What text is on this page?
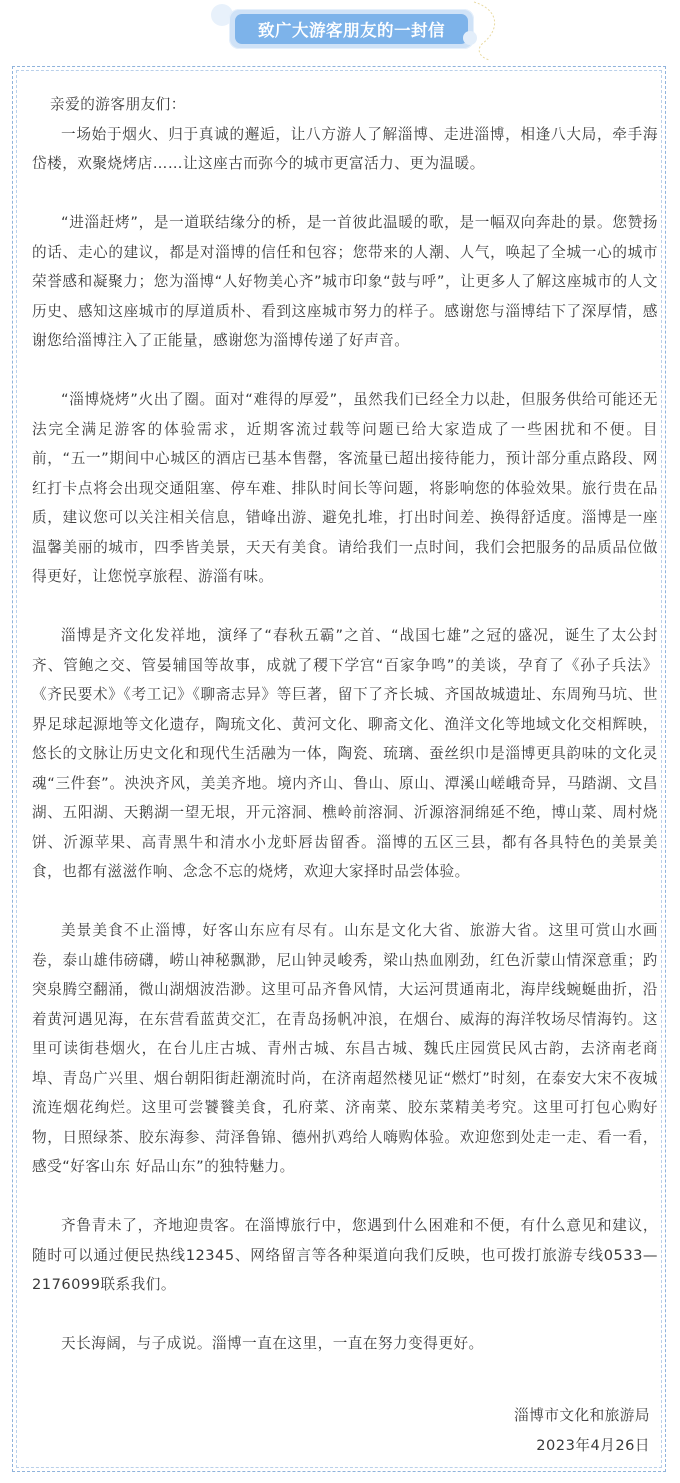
致广大游客朋友的一封信

亲爱的游客朋友们：

一场始于烟火、归于真诚的邂逅，让八方游人了解淄博、走进淄博，相逢八大局，牵手海岱楼，欢聚烧烤店……让这座古而弥今的城市更富活力、更为温暖。

“进淄赶烤”，是一道联结缘分的桥，是一首彼此温暖的歌，是一幅双向奔赴的景。您赞扬的话、走心的建议，都是对淄博的信任和包容；您带来的人潮、人气，唤起了全城一心的城市荣誉感和凝聚力；您为淄博“人好物美心齐”城市印象“鼓与呼”，让更多人了解这座城市的人文历史、感知这座城市的厚道质朴、看到这座城市努力的样子。感谢您与淄博结下了深厚情，感谢您给淄博注入了正能量，感谢您为淄博传递了好声音。

“淄博烧烤”火出了圈。面对“难得的厚爱”，虽然我们已经全力以赴，但服务供给可能还无法完全满足游客的体验需求，近期客流过载等问题已给大家造成了一些困扰和不便。目前，“五一”期间中心城区的酒店已基本售罄，客流量已超出接待能力，预计部分重点路段、网红打卡点将会出现交通阻塞、停车难、排队时间长等问题，将影响您的体验效果。旅行贵在品质，建议您可以关注相关信息，错峰出游、避免扎堆，打出时间差、换得舒适度。淄博是一座温馨美丽的城市，四季皆美景，天天有美食。请给我们一点时间，我们会把服务的品质品位做得更好，让您悦享旅程、游淄有味。

淄博是齐文化发祥地，演绎了“春秋五霸”之首、“战国七雄”之冠的盛况，诞生了太公封齐、管鲍之交、管晏辅国等故事，成就了稷下学宫“百家争鸣”的美谈，孕育了《孙子兵法》《齐民要术》《考工记》《聊斋志异》等巨著，留下了齐长城、齐国故城遗址、东周殉马坑、世界足球起源地等文化遗存，陶琉文化、黄河文化、聊斋文化、渔洋文化等地域文化交相辉映，悠长的文脉让历史文化和现代生活融为一体，陶瓷、琉璃、蚕丝织巾是淄博更具韵味的文化灵魂“三件套”。泱泱齐风，美美齐地。境内齐山、鲁山、原山、潭溪山嵯峨奇异，马踏湖、文昌湖、五阳湖、天鹅湖一望无垠，开元溶洞、樵岭前溶洞、沂源溶洞绵延不绝，博山菜、周村烧饼、沂源苹果、高青黑牛和清水小龙虾唇齿留香。淄博的五区三县，都有各具特色的美景美食，也都有滋滋作响、念念不忘的烧烤，欢迎大家择时品尝体验。

美景美食不止淄博，好客山东应有尽有。山东是文化大省、旅游大省。这里可赏山水画卷，泰山雄伟磅礴，崂山神秘飘渺，尼山钟灵峻秀，梁山热血刚劲，红色沂蒙山情深意重；趵突泉腾空翻涌，微山湖烟波浩渺。这里可品齐鲁风情，大运河贯通南北，海岸线蜿蜒曲折，沿着黄河遇见海，在东营看蓝黄交汇，在青岛扬帆冲浪，在烟台、威海的海洋牧场尽情海钓。这里可读街巷烟火，在台儿庄古城、青州古城、东昌古城、魏氏庄园赏民风古韵，去济南老商埠、青岛广兴里、烟台朝阳街赶潮流时尚，在济南超然楼见证“燃灯”时刻，在泰安大宋不夜城流连烟花绚烂。这里可尝饕餮美食，孔府菜、济南菜、胶东菜精美考究。这里可打包心购好物，日照绿茶、胶东海参、菏泽鲁锦、德州扒鸡给人嗨购体验。欢迎您到处走一走、看一看，感受“好客山东 好品山东”的独特魅力。

齐鲁青未了，齐地迎贵客。在淄博旅行中，您遇到什么困难和不便，有什么意见和建议，随时可以通过便民热线12345、网络留言等各种渠道向我们反映，也可拨打旅游专线0533—2176099联系我们。

天长海阔，与子成说。淄博一直在这里，一直在努力变得更好。

淄博市文化和旅游局
2023年4月26日
